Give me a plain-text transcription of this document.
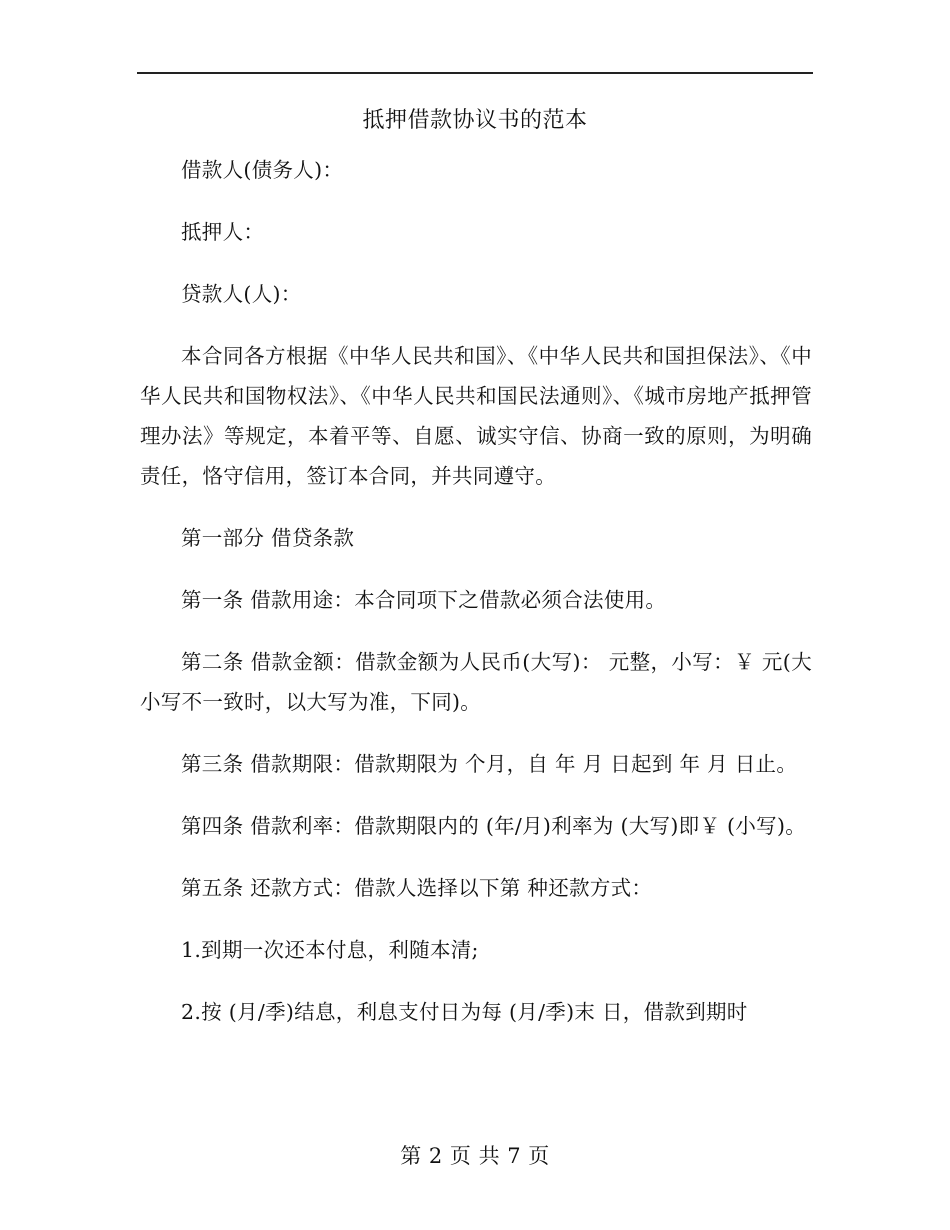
抵押借款协议书的范本

借款人(债务人)：

抵押人：

贷款人(人)：

本合同各方根据《中华人民共和国》、《中华人民共和国担保法》、《中华人民共和国物权法》、《中华人民共和国民法通则》、《城市房地产抵押管理办法》等规定，本着平等、自愿、诚实守信、协商一致的原则，为明确责任，恪守信用，签订本合同，并共同遵守。

第一部分 借贷条款

第一条 借款用途：本合同项下之借款必须合法使用。

第二条 借款金额：借款金额为人民币(大写)： 元整，小写：￥ 元(大小写不一致时，以大写为准，下同)。

第三条 借款期限：借款期限为 个月，自 年 月 日起到 年 月 日止。

第四条 借款利率：借款期限内的 (年/月)利率为 (大写)即￥ (小写)。

第五条 还款方式：借款人选择以下第 种还款方式：

1.到期一次还本付息，利随本清;

2.按 (月/季)结息，利息支付日为每 (月/季)末 日，借款到期时

第 2 页 共 7 页
